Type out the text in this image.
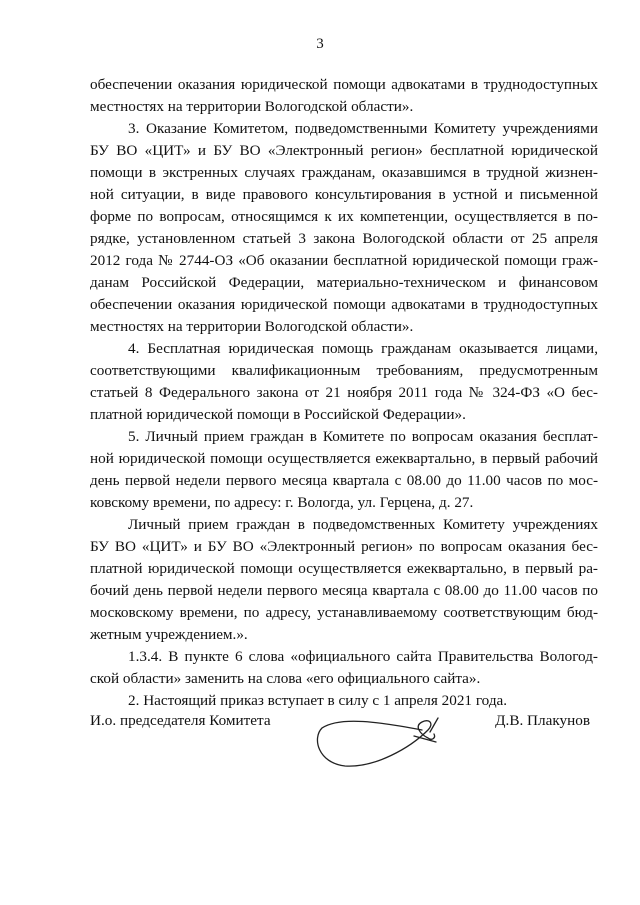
3
обеспечении оказания юридической помощи адвокатами в труднодоступных
местностях на территории Вологодской области».
3. Оказание Комитетом, подведомственными Комитету учреждениями
БУ ВО «ЦИТ» и БУ ВО «Электронный регион» бесплатной юридической
помощи в экстренных случаях гражданам, оказавшимся в трудной жизнен-
ной ситуации, в виде правового консультирования в устной и письменной
форме по вопросам, относящимся к их компетенции, осуществляется в по-
рядке, установленном статьей 3 закона Вологодской области от 25 апреля
2012 года № 2744-ОЗ «Об оказании бесплатной юридической помощи граж-
данам Российской Федерации, материально-техническом и финансовом
обеспечении оказания юридической помощи адвокатами в труднодоступных
местностях на территории Вологодской области».
4. Бесплатная юридическая помощь гражданам оказывается лицами,
соответствующими квалификационным требованиям, предусмотренным
статьей 8 Федерального закона от 21 ноября 2011 года № 324-ФЗ «О бес-
платной юридической помощи в Российской Федерации».
5. Личный прием граждан в Комитете по вопросам оказания бесплат-
ной юридической помощи осуществляется ежеквартально, в первый рабочий
день первой недели первого месяца квартала с 08.00 до 11.00 часов по мос-
ковскому времени, по адресу: г. Вологда, ул. Герцена, д. 27.
Личный прием граждан в подведомственных Комитету учреждениях
БУ ВО «ЦИТ» и БУ ВО «Электронный регион» по вопросам оказания бес-
платной юридической помощи осуществляется ежеквартально, в первый ра-
бочий день первой недели первого месяца квартала с 08.00 до 11.00 часов по
московскому времени, по адресу, устанавливаемому соответствующим бюд-
жетным учреждением.».
1.3.4. В пункте 6 слова «официального сайта Правительства Вологод-
ской области» заменить на слова «его официального сайта».
2. Настоящий приказ вступает в силу с 1 апреля 2021 года.
И.о. председателя Комитета	Д.В. Плакунов
